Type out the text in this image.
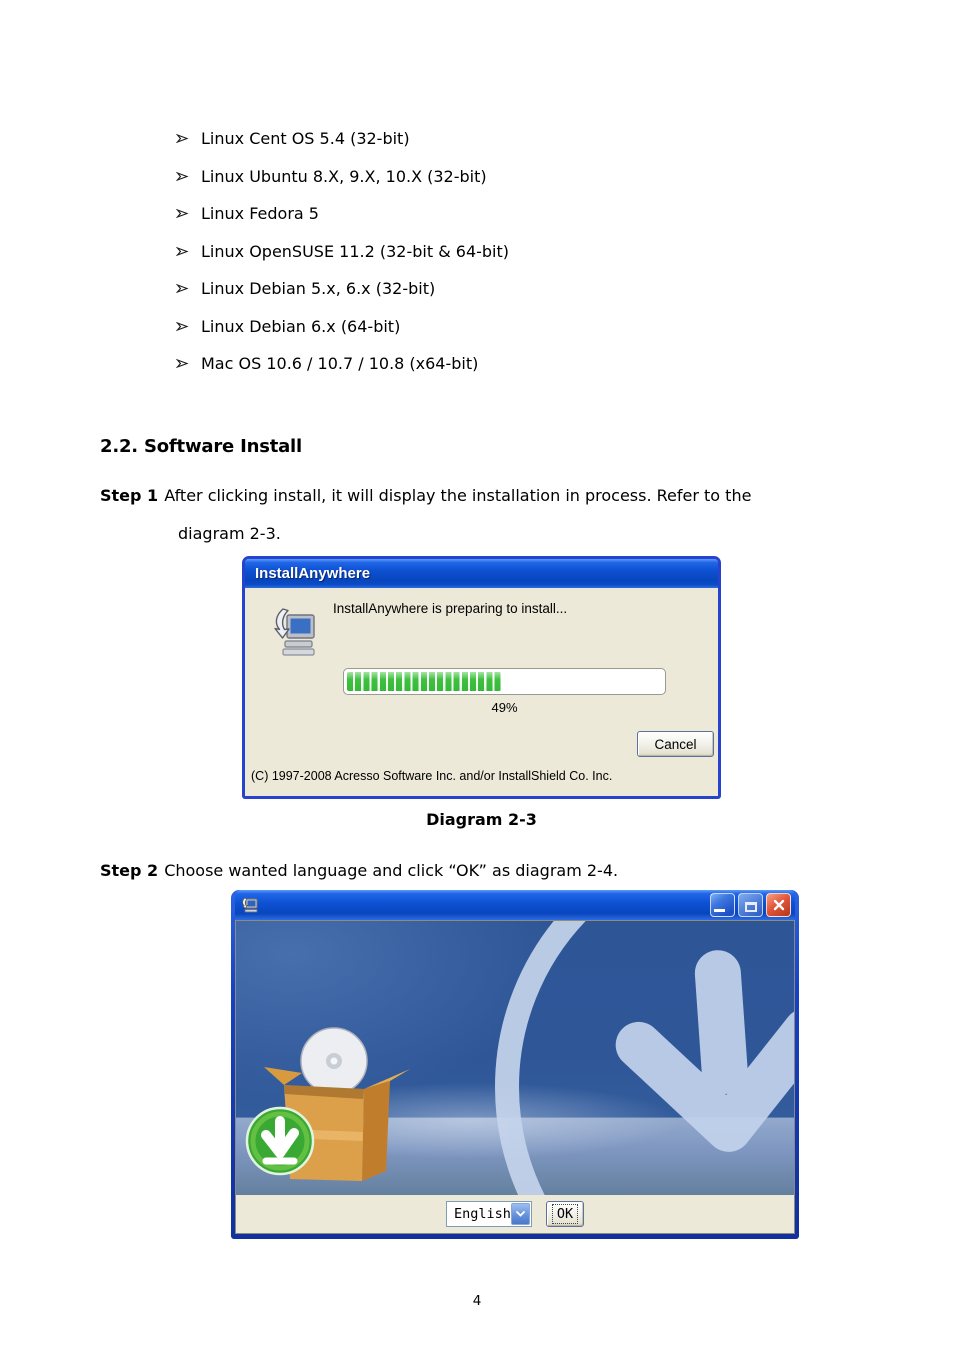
Linux Cent OS 5.4 (32-bit)
Linux Ubuntu 8.X, 9.X, 10.X (32-bit)
Linux Fedora 5
Linux OpenSUSE 11.2 (32-bit & 64-bit)
Linux Debian 5.x, 6.x (32-bit)
Linux Debian 6.x (64-bit)
Mac OS 10.6 / 10.7 / 10.8 (x64-bit)
2.2. Software Install
Step 1 After clicking install, it will display the installation in process. Refer to the
diagram 2-3.
InstallAnywhere
InstallAnywhere is preparing to install...
49%
Cancel
(C) 1997-2008 Acresso Software Inc. and/or InstallShield Co. Inc.
Diagram 2-3
Step 2 Choose wanted language and click “OK” as diagram 2-4.
English	OK
4
